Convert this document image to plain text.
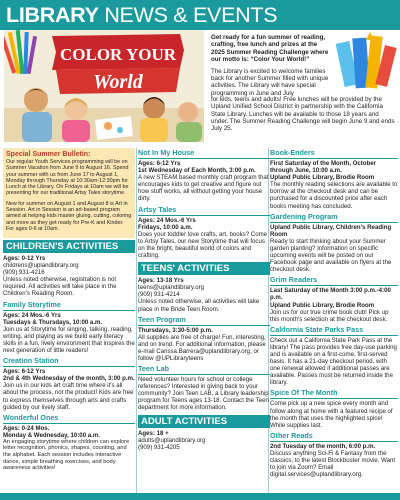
LIBRARY NEWS & EVENTS
COLOR YOUR
World

Get ready for a fun summer of reading, crafting, free lunch and prizes at the 2025 Summer Reading Challenge where our motto is: “Color Your World!”

The Library is excited to welcome families back for another Summer filled with unique activities. The Library will have special programming in June and July

for kids, teens and adults! Free lunches will be provided by the Upland Unified School District in partnership with the California State Library. Lunches will be available to those 18 years and under. The Summer Reading Challenge will begin June 9 and ends July 25.

Special Summer Bulletin:

Our regular Youth Services programming will be on Summer Vacation from June 9 to August 16. Spend your summer with us from June 17 to August 1, Monday through Thursday at 10:30am-12:30pm for Lunch at the Library. On Fridays at 10am we will be presenting for our traditional Artsy Tales storytime.

New for summer on August 1 and August 8 is Art in Session. Art in Session is an art-based program aimed at helping kids master gluing, cutting, coloring and more as they get ready for Pre-K and Kinder. For ages 0-6 at 10am.

CHILDREN'S ACTIVITIES
Ages: 0-12 Yrs
childrens@uplandlibrary.org
(909) 931-4216
Unless noted otherwise, registration is not required. All activities will take place in the Children's Reading Room.
Family Storytime
Ages: 24 Mos.-6 Yrs
Tuesdays & Thursdays, 10:00 a.m.
Join us at Storytime for singing, talking, reading, writing, and playing as we build early literacy skills in a fun, lively environment that inspires the next generation of little readers!
Creation Station
Ages: 6-12 Yrs
2nd & 4th Wednesday of the month, 3:00 p.m.
Join us in our kids art craft time where it's all about the process, not the product! Kids are free to express themselves through arts and crafts guided by our lively staff.
Wonderful Ones
Ages: 0-24 Mos.
Monday & Wednesday, 10:00 a.m.
An engaging storytime where children can explore letter recognition, phonics, shapes, counting, and the alphabet. Each session includes interactive dance, simple breathing exercises, and body awareness activities!
Not In My House
Ages: 6-12 Yrs
1st Wednesday of Each Month, 3:00 p.m.
A new STEAM based monthly craft program that encourages kids to get creative and figure out how stuff works, all without getting your house dirty.
Artsy Tales
Ages: 24 Mos.-6 Yrs
Fridays, 10:00 a.m.
Does your toddler love crafts, art, books? Come to Artsy Tales, our new Storytime that will focus on the bright, beautiful world of colors and crafting.
TEENS' ACTIVITIES
Ages: 13-18 Yrs
teens@uplandlibrary.org
(909) 931-4214
Unless noted otherwise, all activities will take place in the Bride Teen Room.
Teen Program
Thursdays, 3:30-5:00 p.m.
All supplies are free of charge! Fun, interesting, and on trend. For additional information, please e-mail Carissa.Barrera@uplandlibrary.org, or follow @UPLibraryteens
Teen Lab
Need volunteer hours for school or college references? Interested in giving back to your community? Join Teen LAB, a Library leadership program for Teens ages 13-18. Contact the Teen department for more information.
ADULT ACTIVITIES
Ages: 18 +
adults@uplandlibrary.org
(909) 931-4205
Book-Enders
First Saturday of the Month, October through June, 10:00 a.m.
Upland Public Library, Brodie Room
The monthly reading selections are available to borrow at the checkout desk and can be purchased for a discounted price after each books meeting has concluded.
Gardening Program
Upland Public Library, Children's Reading Room
Ready to start thinking about your Summer garden planting? Information on specific upcoming events will be posted on our Facebook page and available on flyers at the checkout desk.
Grim Readers
Last Saturday of the Month 3:00 p.m.-4:00 p.m.
Upland Public Library, Brodie Room
Join us for our true crime book club! Pick up this month's selection at the checkout desk.
California State Parks Pass
Check out a California State Park Pass at the library! The pass provides free day-use parking and is available on a first-come, first-served basis. It has a 21-day checkout period, with one renewal allowed if additional passes are available. Passes must be returned inside the library.
Spice Of The Month
Come pick up a new spice every month and follow along at home with a featured recipe of the month that uses the highlighted spice! While supplies last.
Other Reads
2nd Tuesday of the month, 6:00 p.m.
Discuss anything Sci-Fi & Fantasy from the classics, to the latest Blockbuster movie. Want to join via Zoom? Email digital.services@uplandlibrary.org.
